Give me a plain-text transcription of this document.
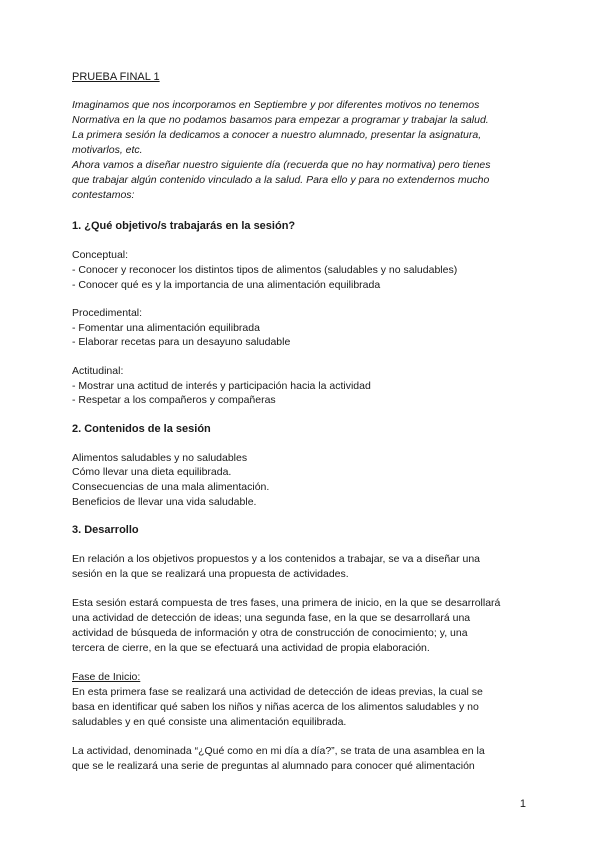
PRUEBA FINAL 1
Imaginamos que nos incorporamos en Septiembre y por diferentes motivos no tenemos
Normativa en la que no podamos basamos para empezar a programar y trabajar la salud.
La primera sesión la dedicamos a conocer a nuestro alumnado, presentar la asignatura,
motivarlos, etc.
Ahora vamos a diseñar nuestro siguiente día (recuerda que no hay normativa) pero tienes
que trabajar algún contenido vinculado a la salud. Para ello y para no extendernos mucho
contestamos:
1. ¿Qué objetivo/s trabajarás en la sesión?
Conceptual:
- Conocer y reconocer los distintos tipos de alimentos (saludables y no saludables)
- Conocer qué es y la importancia de una alimentación equilibrada
Procedimental:
- Fomentar una alimentación equilibrada
- Elaborar recetas para un desayuno saludable
Actitudinal:
- Mostrar una actitud de interés y participación hacia la actividad
- Respetar a los compañeros y compañeras
2. Contenidos de la sesión
Alimentos saludables y no saludables
Cómo llevar una dieta equilibrada.
Consecuencias de una mala alimentación.
Beneficios de llevar una vida saludable.
3. Desarrollo
En relación a los objetivos propuestos y a los contenidos a trabajar, se va a diseñar una
sesión en la que se realizará una propuesta de actividades.
Esta sesión estará compuesta de tres fases, una primera de inicio, en la que se desarrollará
una actividad de detección de ideas; una segunda fase, en la que se desarrollará una
actividad de búsqueda de información y otra de construcción de conocimiento; y, una
tercera de cierre, en la que se efectuará una actividad de propia elaboración.
Fase de Inicio:
En esta primera fase se realizará una actividad de detección de ideas previas, la cual se
basa en identificar qué saben los niños y niñas acerca de los alimentos saludables y no
saludables y en qué consiste una alimentación equilibrada.
La actividad, denominada “¿Qué como en mi día a día?”, se trata de una asamblea en la
que se le realizará una serie de preguntas al alumnado para conocer qué alimentación
1
